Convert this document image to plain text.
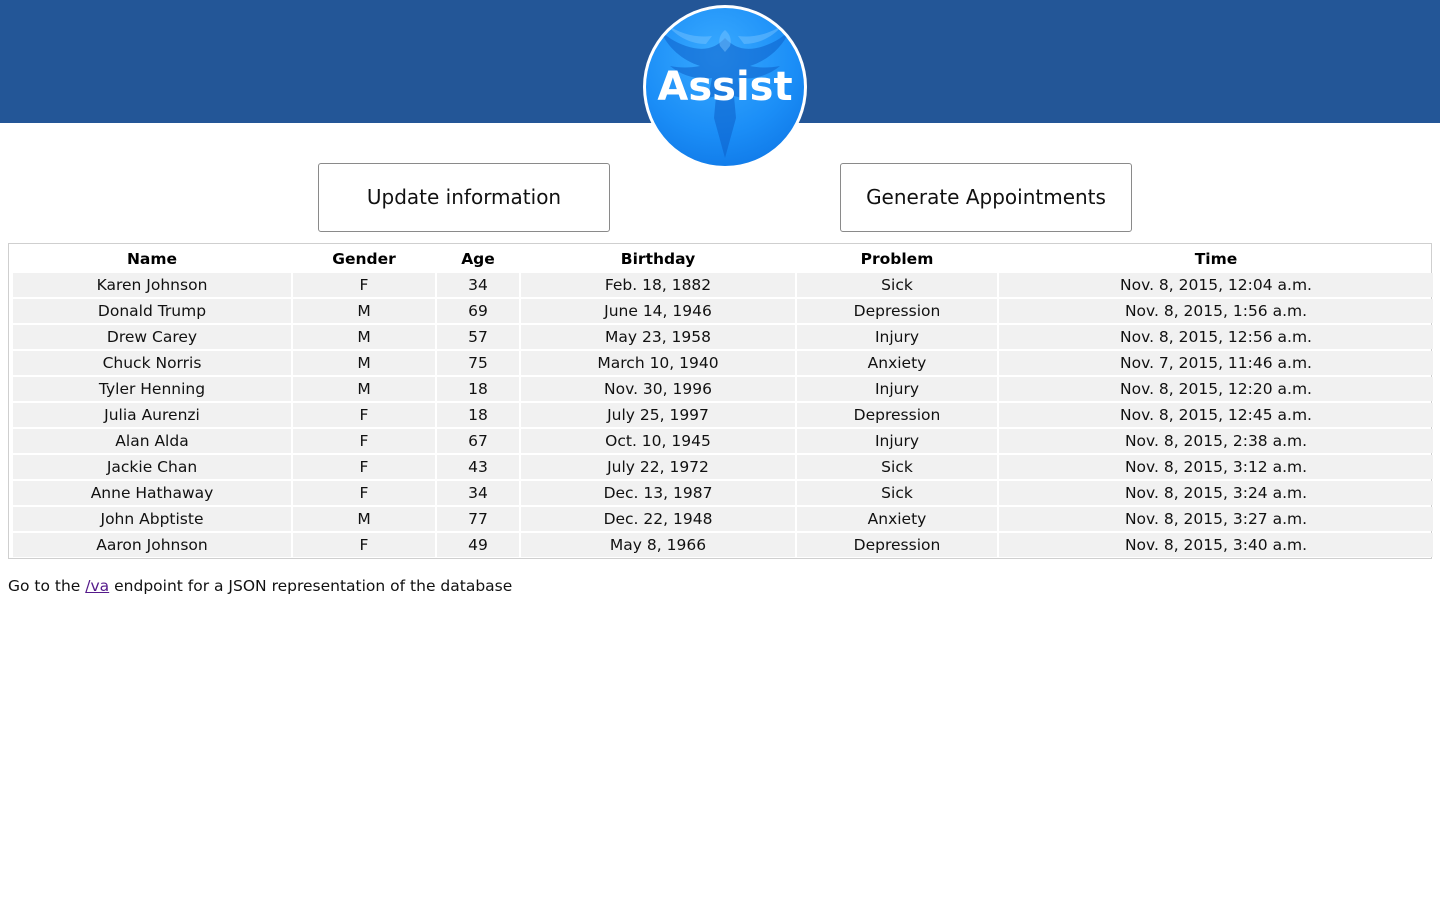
Assist
Update information	Generate Appointments
Name	Gender	Age	Birthday	Problem	Time
Karen Johnson	F	34	Feb. 18, 1882	Sick	Nov. 8, 2015, 12:04 a.m.
Donald Trump	M	69	June 14, 1946	Depression	Nov. 8, 2015, 1:56 a.m.
Drew Carey	M	57	May 23, 1958	Injury	Nov. 8, 2015, 12:56 a.m.
Chuck Norris	M	75	March 10, 1940	Anxiety	Nov. 7, 2015, 11:46 a.m.
Tyler Henning	M	18	Nov. 30, 1996	Injury	Nov. 8, 2015, 12:20 a.m.
Julia Aurenzi	F	18	July 25, 1997	Depression	Nov. 8, 2015, 12:45 a.m.
Alan Alda	F	67	Oct. 10, 1945	Injury	Nov. 8, 2015, 2:38 a.m.
Jackie Chan	F	43	July 22, 1972	Sick	Nov. 8, 2015, 3:12 a.m.
Anne Hathaway	F	34	Dec. 13, 1987	Sick	Nov. 8, 2015, 3:24 a.m.
John Abptiste	M	77	Dec. 22, 1948	Anxiety	Nov. 8, 2015, 3:27 a.m.
Aaron Johnson	F	49	May 8, 1966	Depression	Nov. 8, 2015, 3:40 a.m.
Go to the /va endpoint for a JSON representation of the database
